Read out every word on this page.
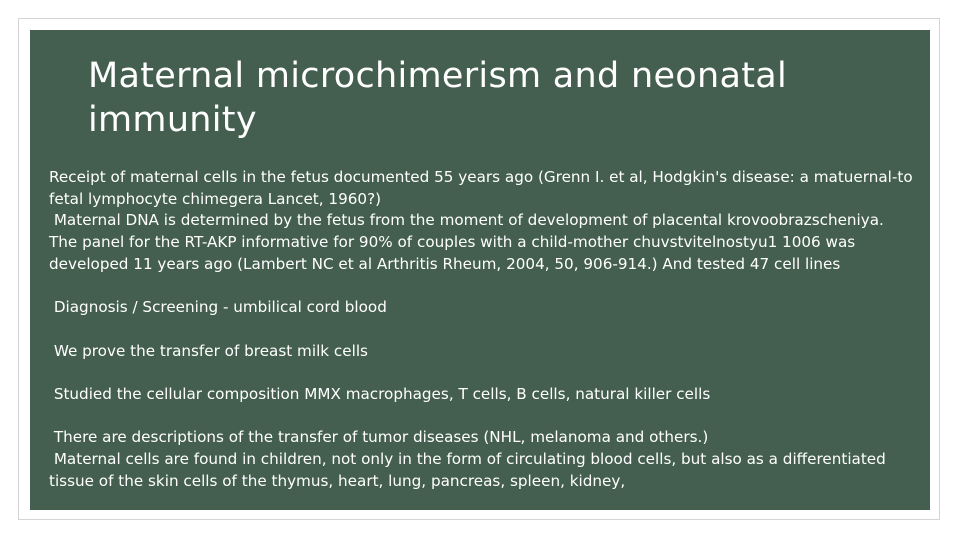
Maternal microchimerism and neonatal
immunity

Receipt of maternal cells in the fetus documented 55 years ago (Grenn I. et al, Hodgkin's disease: a matuernal-to fetal lymphocyte chimegera Lancet, 1960?)

Maternal DNA is determined by the fetus from the moment of development of placental krovoobrazscheniya.  The panel for the RT-AKP informative for 90% of couples with a child-mother chuvstvitelnostyu1 1006 was developed 11 years ago (Lambert NC et al Arthritis Rheum, 2004, 50, 906-914.) And tested 47 cell lines

Diagnosis / Screening - umbilical cord blood

We prove the transfer of breast milk cells

Studied the cellular composition MMX macrophages, T cells, B cells, natural killer cells

There are descriptions of the transfer of tumor diseases (NHL, melanoma and others.)

Maternal cells are found in children, not only in the form of circulating blood cells, but also as a differentiated tissue of the skin cells of the thymus, heart, lung, pancreas, spleen, kidney,
